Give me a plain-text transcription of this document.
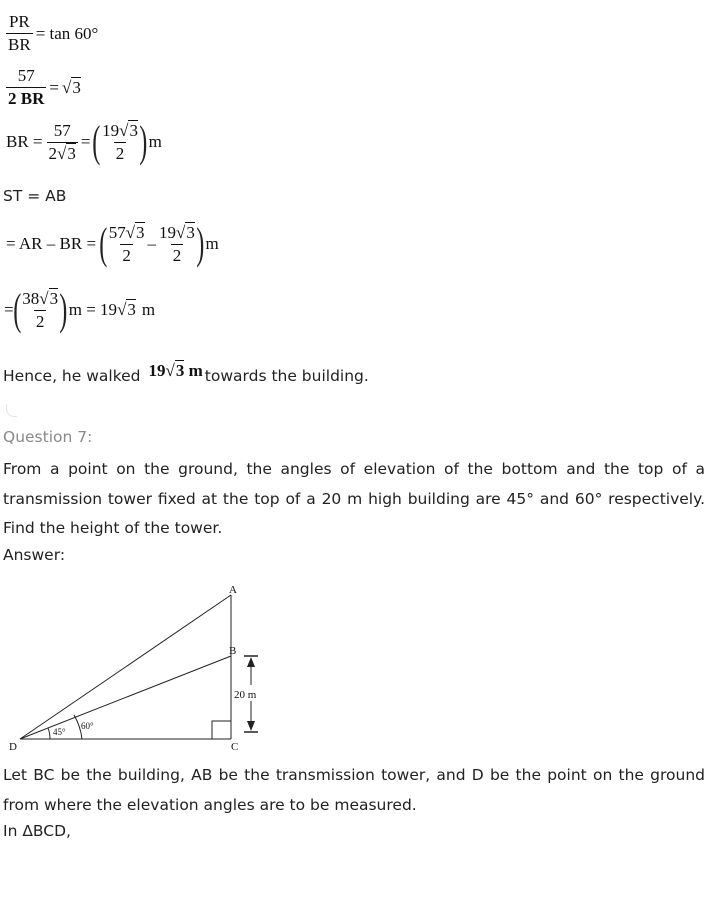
$\frac{PR}{BR} = \tan 60^\circ$
$\frac{57}{2 BR} = √3$
BR = $\frac{57}{2√3}$ = ( $\frac{19√3}{2}$ ) m
ST = AB
= AR – BR = ( $\frac{57√3}{2} - \frac{19√3}{2}$ ) m
= ( $\frac{38√3}{2}$ ) m = 19 √3 m
Hence, he walked 19√3 m towards the building.
Question 7:
From a point on the ground, the angles of elevation of the bottom and the top of a transmission tower fixed at the top of a 20 m high building are 45° and 60° respectively. Find the height of the tower.
Answer:
A
B
C
D
20 m
45°
60°
Let BC be the building, AB be the transmission tower, and D be the point on the ground from where the elevation angles are to be measured.
In ΔBCD,
